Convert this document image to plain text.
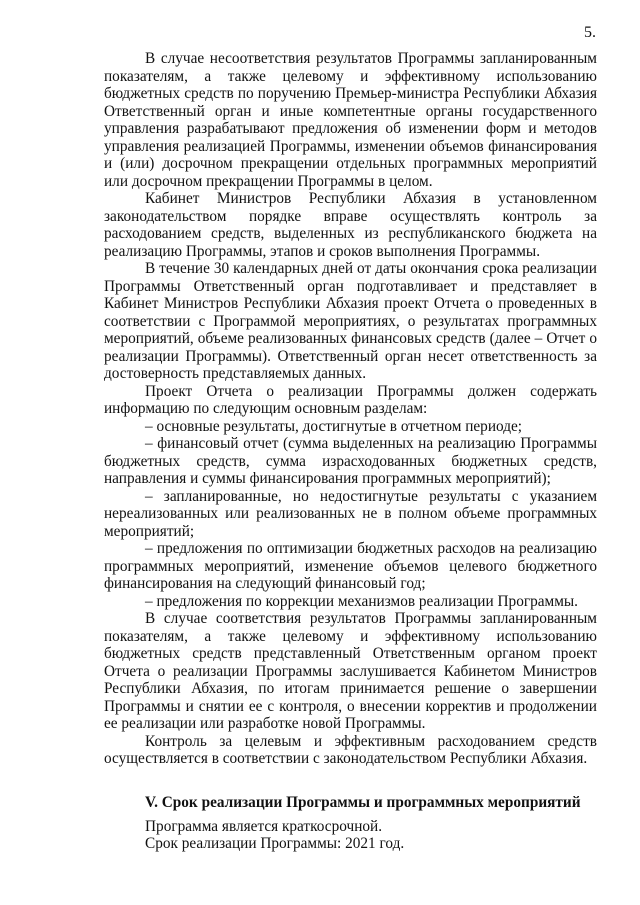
5.

В случае несоответствия результатов Программы запланированным показателям, а также целевому и эффективному использованию бюджетных средств по поручению Премьер-министра Республики Абхазия Ответственный орган и иные компетентные органы государственного управления разрабатывают предложения об изменении форм и методов управления реализацией Программы, изменении объемов финансирования и (или) досрочном прекращении отдельных программных мероприятий или досрочном прекращении Программы в целом.

Кабинет Министров Республики Абхазия в установленном законодательством порядке вправе осуществлять контроль за расходованием средств, выделенных из республиканского бюджета на реализацию Программы, этапов и сроков выполнения Программы.

В течение 30 календарных дней от даты окончания срока реализации Программы Ответственный орган подготавливает и представляет в Кабинет Министров Республики Абхазия проект Отчета о проведенных в соответствии с Программой мероприятиях, о результатах программных мероприятий, объеме реализованных финансовых средств (далее – Отчет о реализации Программы). Ответственный орган несет ответственность за достоверность представляемых данных.

Проект Отчета о реализации Программы должен содержать информацию по следующим основным разделам:

– основные результаты, достигнутые в отчетном периоде;

– финансовый отчет (сумма выделенных на реализацию Программы бюджетных средств, сумма израсходованных бюджетных средств, направления и суммы финансирования программных мероприятий);

– запланированные, но недостигнутые результаты с указанием нереализованных или реализованных не в полном объеме программных мероприятий;

– предложения по оптимизации бюджетных расходов на реализацию программных мероприятий, изменение объемов целевого бюджетного финансирования на следующий финансовый год;

– предложения по коррекции механизмов реализации Программы.

В случае соответствия результатов Программы запланированным показателям, а также целевому и эффективному использованию бюджетных средств представленный Ответственным органом проект Отчета о реализации Программы заслушивается Кабинетом Министров Республики Абхазия, по итогам принимается решение о завершении Программы и снятии ее с контроля, о внесении корректив и продолжении ее реализации или разработке новой Программы.

Контроль за целевым и эффективным расходованием средств осуществляется в соответствии с законодательством Республики Абхазия.

V. Срок реализации Программы и программных мероприятий

Программа является краткосрочной.

Срок реализации Программы: 2021 год.
